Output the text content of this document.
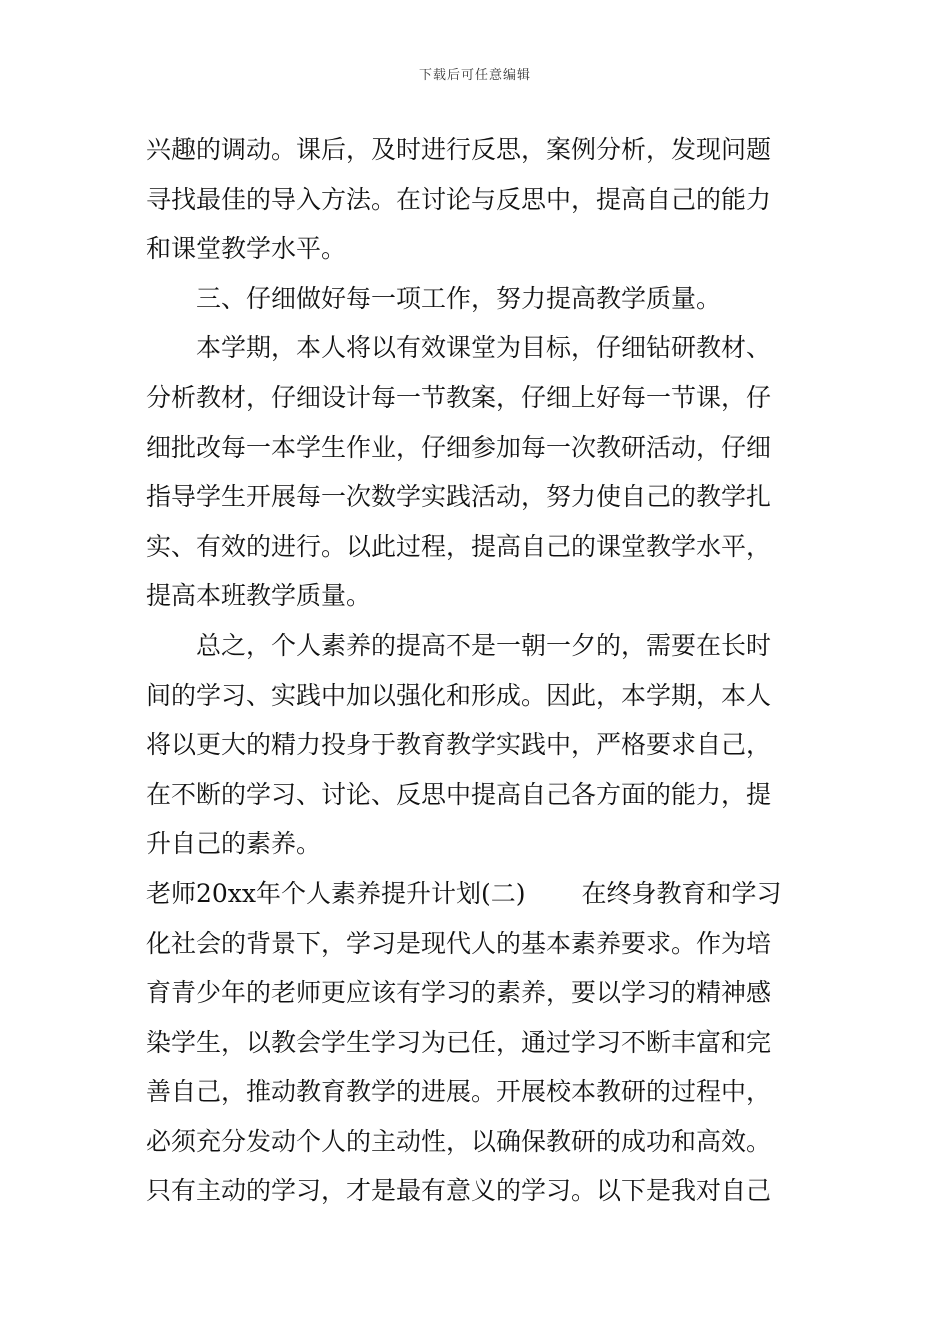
下载后可任意编辑
兴趣的调动。课后，及时进行反思，案例分析，发现问题
寻找最佳的导入方法。在讨论与反思中，提高自己的能力
和课堂教学水平。
三、仔细做好每一项工作，努力提高教学质量。
本学期，本人将以有效课堂为目标，仔细钻研教材、
分析教材，仔细设计每一节教案，仔细上好每一节课，仔
细批改每一本学生作业，仔细参加每一次教研活动，仔细
指导学生开展每一次数学实践活动，努力使自己的教学扎
实、有效的进行。以此过程，提高自己的课堂教学水平，
提高本班教学质量。
总之，个人素养的提高不是一朝一夕的，需要在长时
间的学习、实践中加以强化和形成。因此，本学期，本人
将以更大的精力投身于教育教学实践中，严格要求自己，
在不断的学习、讨论、反思中提高自己各方面的能力，提
升自己的素养。
老师20xx年个人素养提升计划(二) 在终身教育和学习
化社会的背景下，学习是现代人的基本素养要求。作为培
育青少年的老师更应该有学习的素养，要以学习的精神感
染学生，以教会学生学习为已任，通过学习不断丰富和完
善自己，推动教育教学的进展。开展校本教研的过程中，
必须充分发动个人的主动性，以确保教研的成功和高效。
只有主动的学习，才是最有意义的学习。以下是我对自己
